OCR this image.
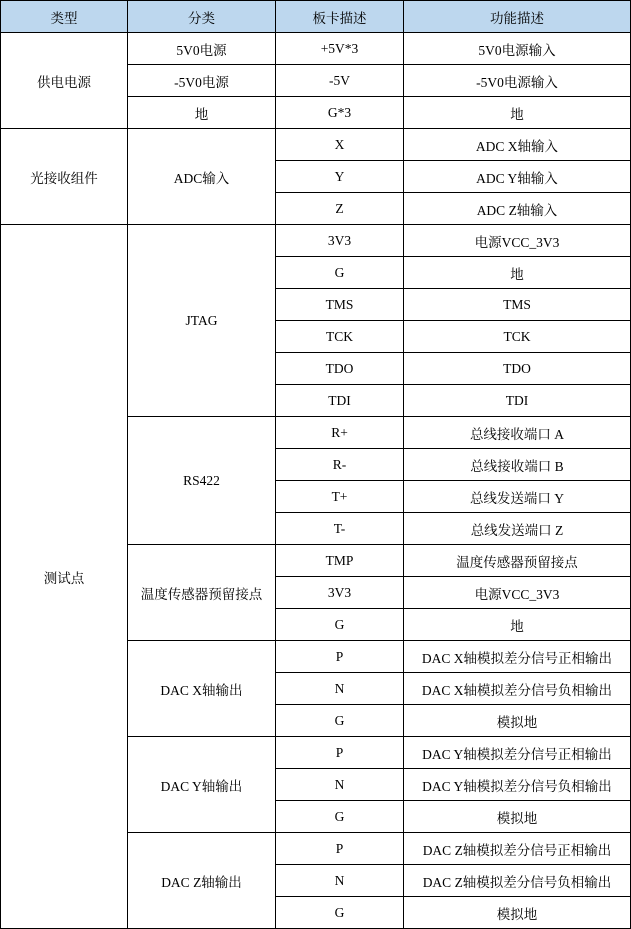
类型	分类	板卡描述	功能描述
供电电源	5V0电源	+5V*3	5V0电源输入
	-5V0电源	-5V	-5V0电源输入
	地	G*3	地
光接收组件	ADC输入	X	ADC X轴输入
		Y	ADC Y轴输入
		Z	ADC Z轴输入
测试点	JTAG	3V3	电源VCC_3V3
		G	地
		TMS	TMS
		TCK	TCK
		TDO	TDO
		TDI	TDI
	RS422	R+	总线接收端口 A
		R-	总线接收端口 B
		T+	总线发送端口 Y
		T-	总线发送端口 Z
	温度传感器预留接点	TMP	温度传感器预留接点
		3V3	电源VCC_3V3
		G	地
	DAC X轴输出	P	DAC X轴模拟差分信号正相输出
		N	DAC X轴模拟差分信号负相输出
		G	模拟地
	DAC Y轴输出	P	DAC Y轴模拟差分信号正相输出
		N	DAC Y轴模拟差分信号负相输出
		G	模拟地
	DAC Z轴输出	P	DAC Z轴模拟差分信号正相输出
		N	DAC Z轴模拟差分信号负相输出
		G	模拟地
